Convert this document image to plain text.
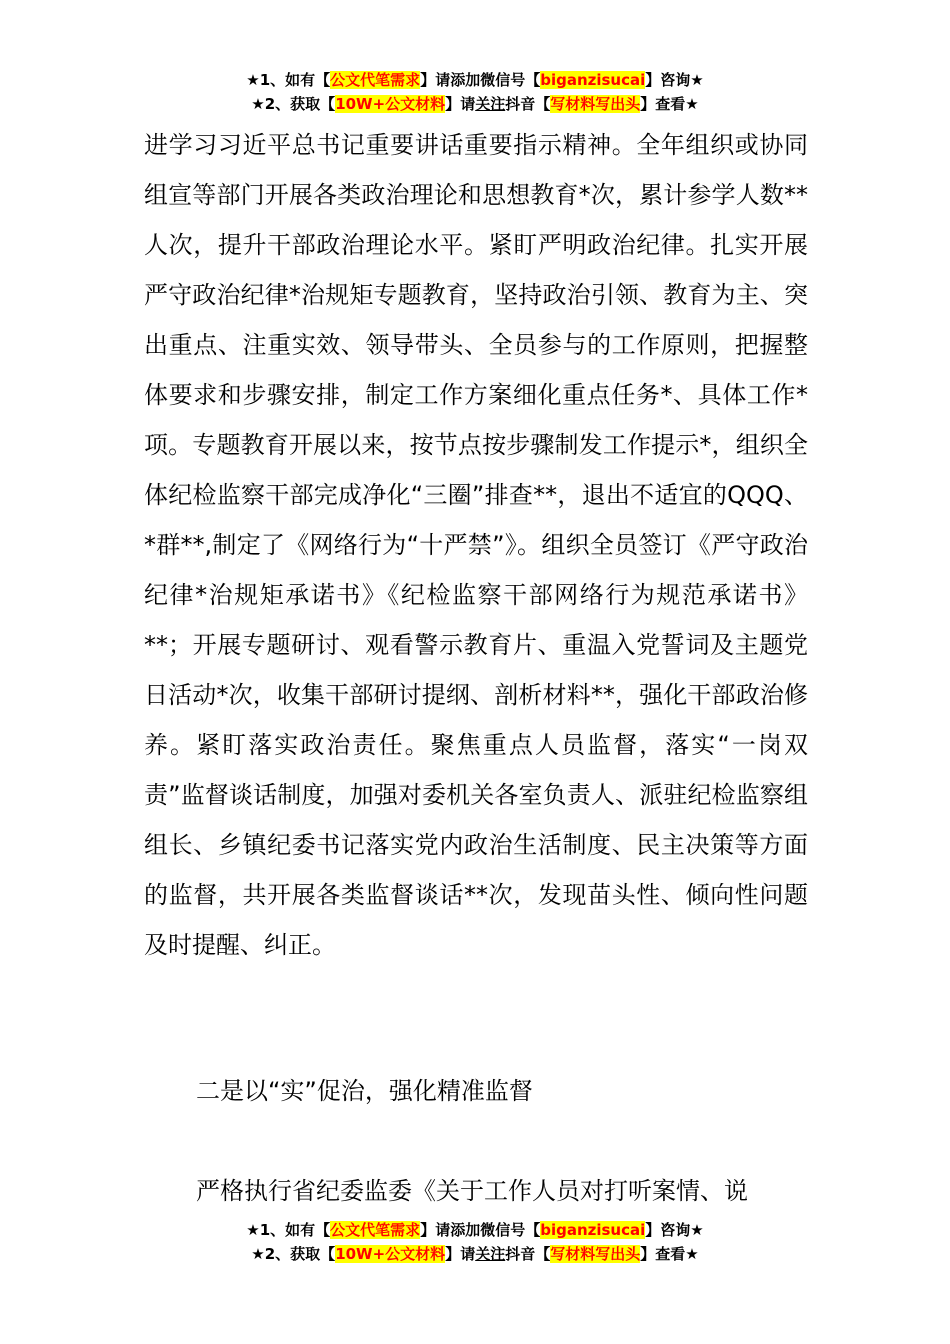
★1、如有【公文代笔需求】请添加微信号【biganzisucai】咨询★
★2、获取【10W+公文材料】请关注抖音【写材料写出头】查看★
进学习习近平总书记重要讲话重要指示精神。全年组织或协同组宣等部门开展各类政治理论和思想教育*次，累计参学人数**人次，提升干部政治理论水平。紧盯严明政治纪律。扎实开展严守政治纪律*治规矩专题教育，坚持政治引领、教育为主、突出重点、注重实效、领导带头、全员参与的工作原则，把握整体要求和步骤安排，制定工作方案细化重点任务*、具体工作*项。专题教育开展以来，按节点按步骤制发工作提示*，组织全体纪检监察干部完成净化“三圈”排查**，退出不适宜的QQQ、*群**,制定了《网络行为“十严禁”》。组织全员签订《严守政治纪律*治规矩承诺书》《纪检监察干部网络行为规范承诺书》**；开展专题研讨、观看警示教育片、重温入党誓词及主题党日活动*次，收集干部研讨提纲、剖析材料**，强化干部政治修养。紧盯落实政治责任。聚焦重点人员监督，落实“一岗双责”监督谈话制度，加强对委机关各室负责人、派驻纪检监察组组长、乡镇纪委书记落实党内政治生活制度、民主决策等方面的监督，共开展各类监督谈话**次，发现苗头性、倾向性问题及时提醒、纠正。
二是以“实”促治，强化精准监督
严格执行省纪委监委《关于工作人员对打听案情、说
★1、如有【公文代笔需求】请添加微信号【biganzisucai】咨询★
★2、获取【10W+公文材料】请关注抖音【写材料写出头】查看★
